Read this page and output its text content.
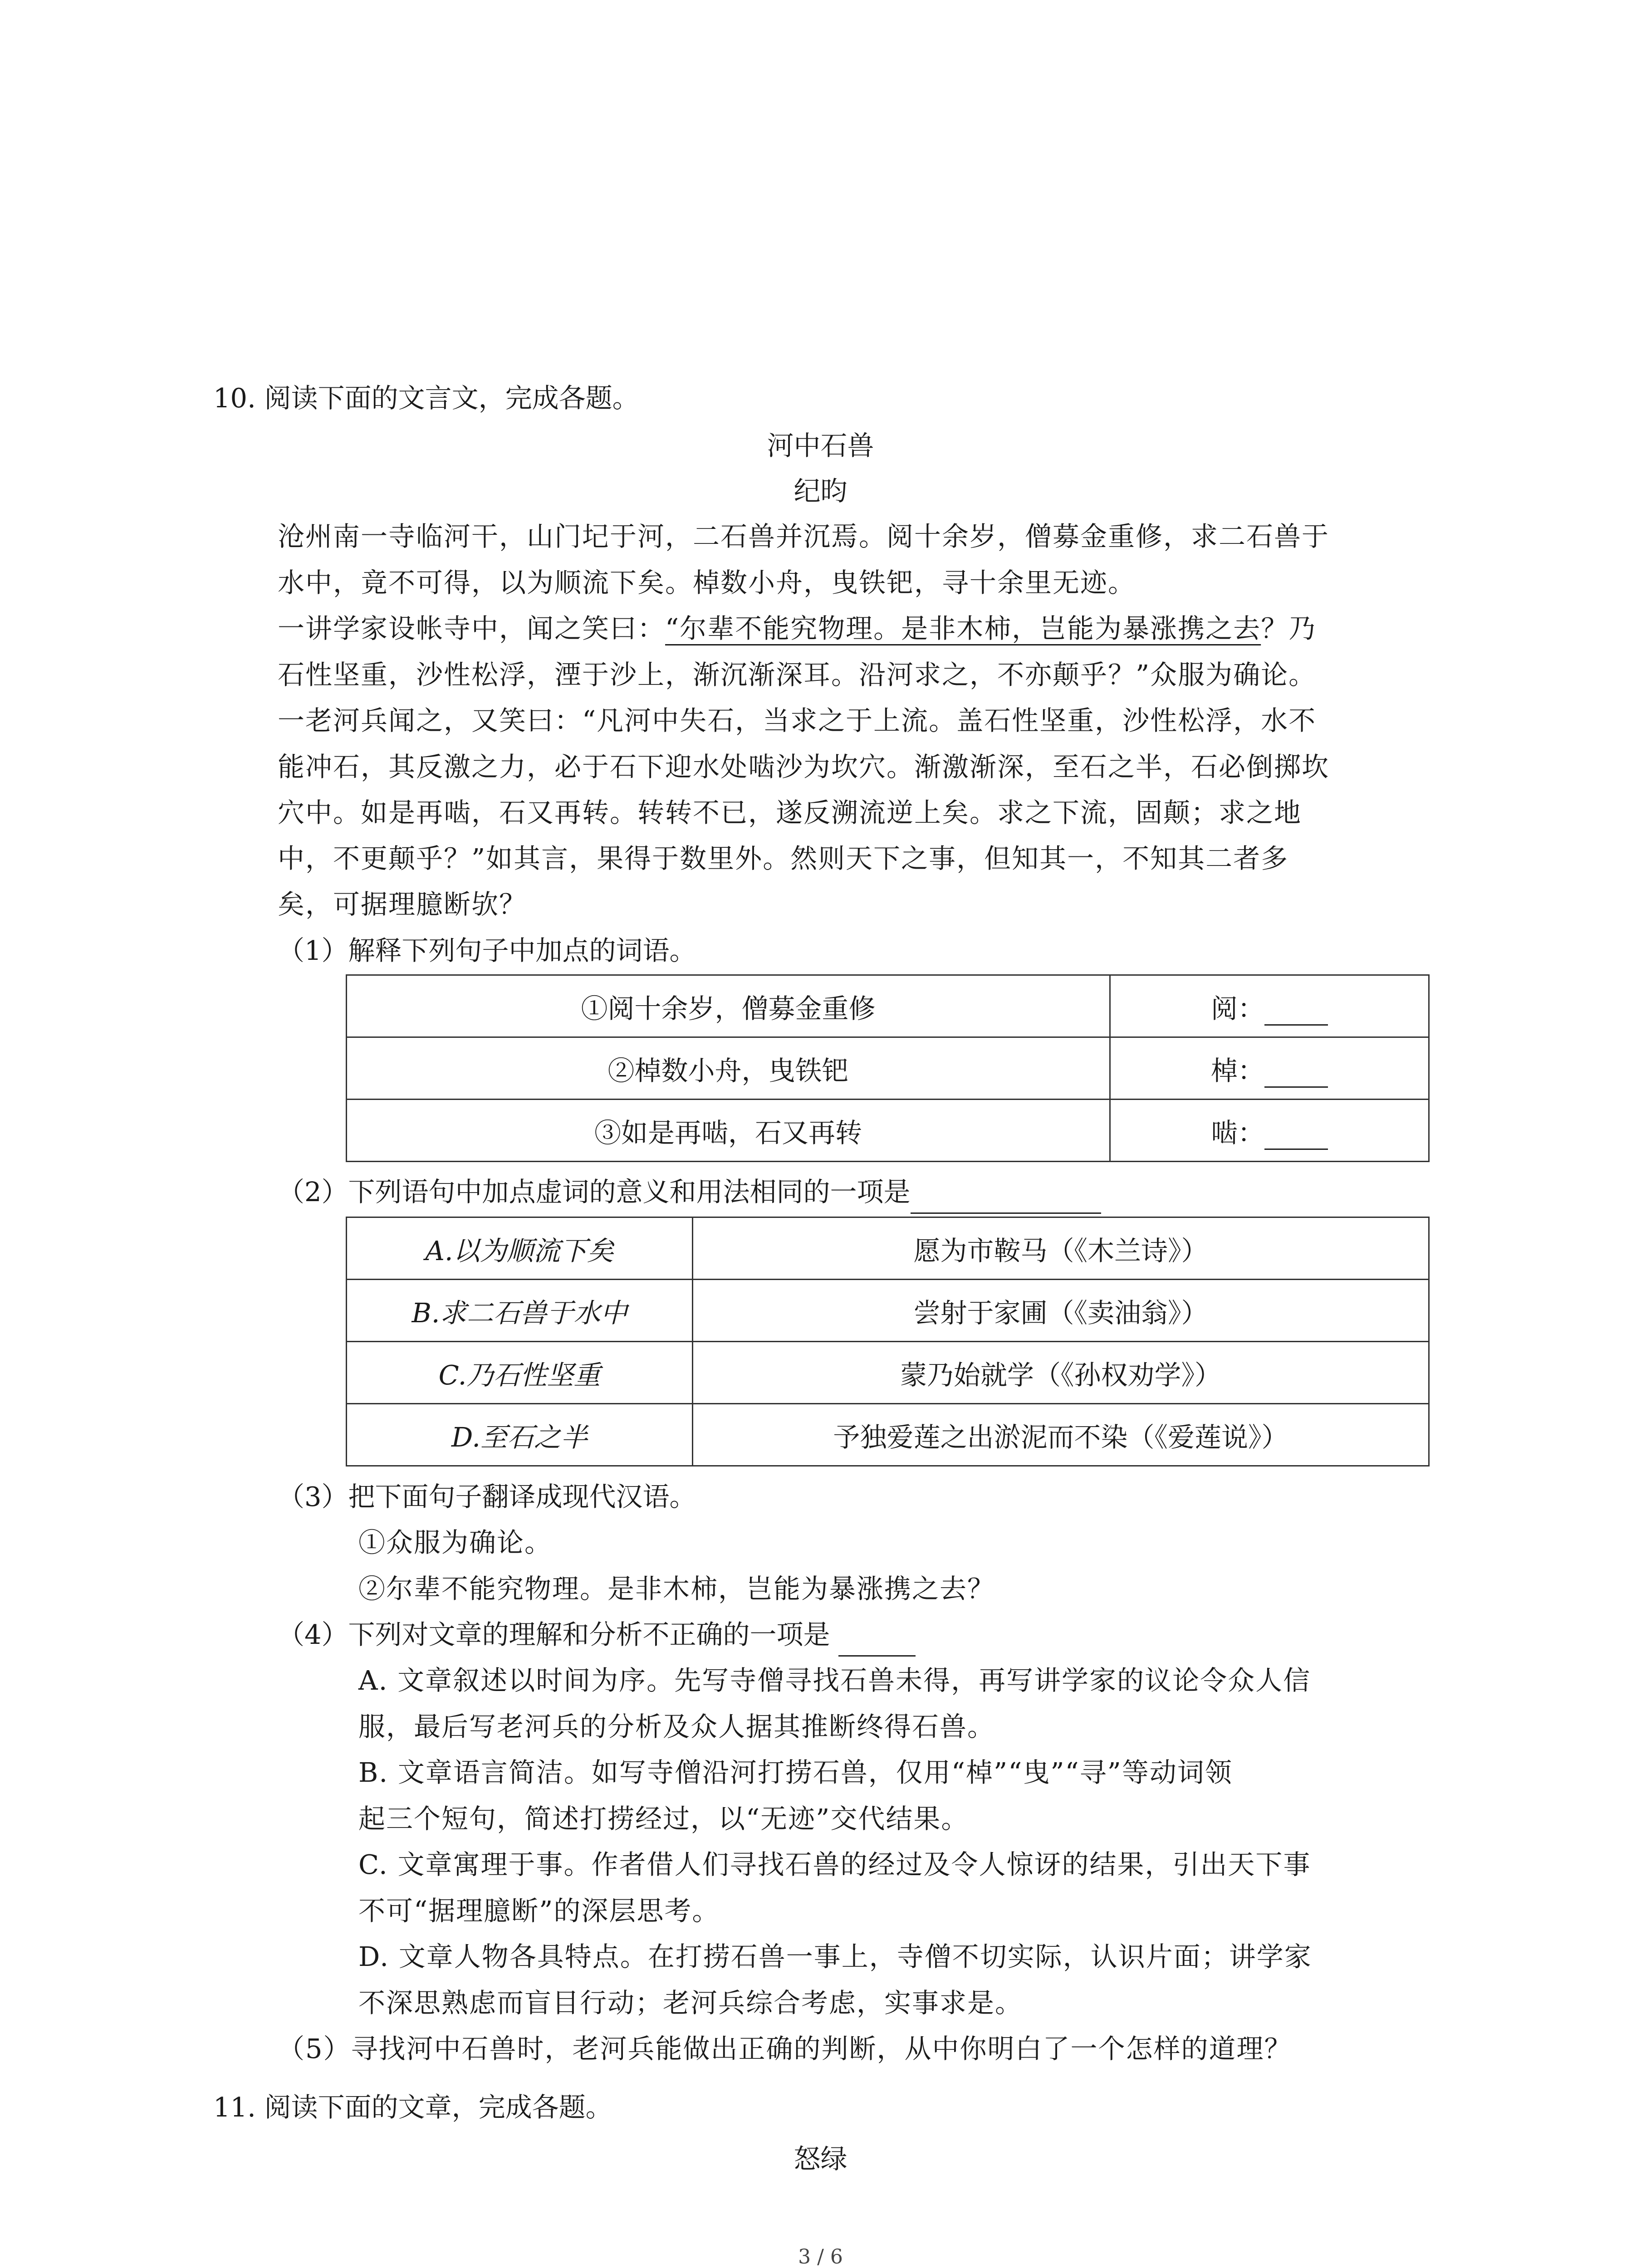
10. 阅读下面的文言文，完成各题。
河中石兽
纪昀
沧州南一寺临河干，山门圮于河，二石兽并沉焉。阅十余岁，僧募金重修，求二石兽于
水中，竟不可得，以为顺流下矣。棹数小舟，曳铁钯，寻十余里无迹。
一讲学家设帐寺中，闻之笑曰：“尔辈不能究物理。是非木柿，岂能为暴涨携之去？乃
石性坚重，沙性松浮，湮于沙上，渐沉渐深耳。沿河求之，不亦颠乎？”众服为确论。
一老河兵闻之，又笑曰：“凡河中失石，当求之于上流。盖石性坚重，沙性松浮，水不
能冲石，其反激之力，必于石下迎水处啮沙为坎穴。渐激渐深，至石之半，石必倒掷坎
穴中。如是再啮，石又再转。转转不已，遂反溯流逆上矣。求之下流，固颠；求之地
中，不更颠乎？”如其言，果得于数里外。然则天下之事，但知其一，不知其二者多
矣，可据理臆断欤？
（1）解释下列句子中加点的词语。
①阅十余岁，僧募金重修	阅：
②棹数小舟，曳铁钯	棹：
③如是再啮，石又再转	啮：
（2）下列语句中加点虚词的意义和用法相同的一项是
A.以为顺流下矣	愿为市鞍马（《木兰诗》）
B.求二石兽于水中	尝射于家圃（《卖油翁》）
C.乃石性坚重	蒙乃始就学（《孙权劝学》）
D.至石之半	予独爱莲之出淤泥而不染（《爱莲说》）
（3）把下面句子翻译成现代汉语。
①众服为确论。
②尔辈不能究物理。是非木柿，岂能为暴涨携之去？
（4）下列对文章的理解和分析不正确的一项是
A. 文章叙述以时间为序。先写寺僧寻找石兽未得，再写讲学家的议论令众人信
服，最后写老河兵的分析及众人据其推断终得石兽。
B. 文章语言简洁。如写寺僧沿河打捞石兽，仅用“棹”“曳”“寻”等动词领
起三个短句，简述打捞经过，以“无迹”交代结果。
C. 文章寓理于事。作者借人们寻找石兽的经过及令人惊讶的结果，引出天下事
不可“据理臆断”的深层思考。
D. 文章人物各具特点。在打捞石兽一事上，寺僧不切实际，认识片面；讲学家
不深思熟虑而盲目行动；老河兵综合考虑，实事求是。
（5）寻找河中石兽时，老河兵能做出正确的判断，从中你明白了一个怎样的道理？
11. 阅读下面的文章，完成各题。
怒绿
3 / 6
